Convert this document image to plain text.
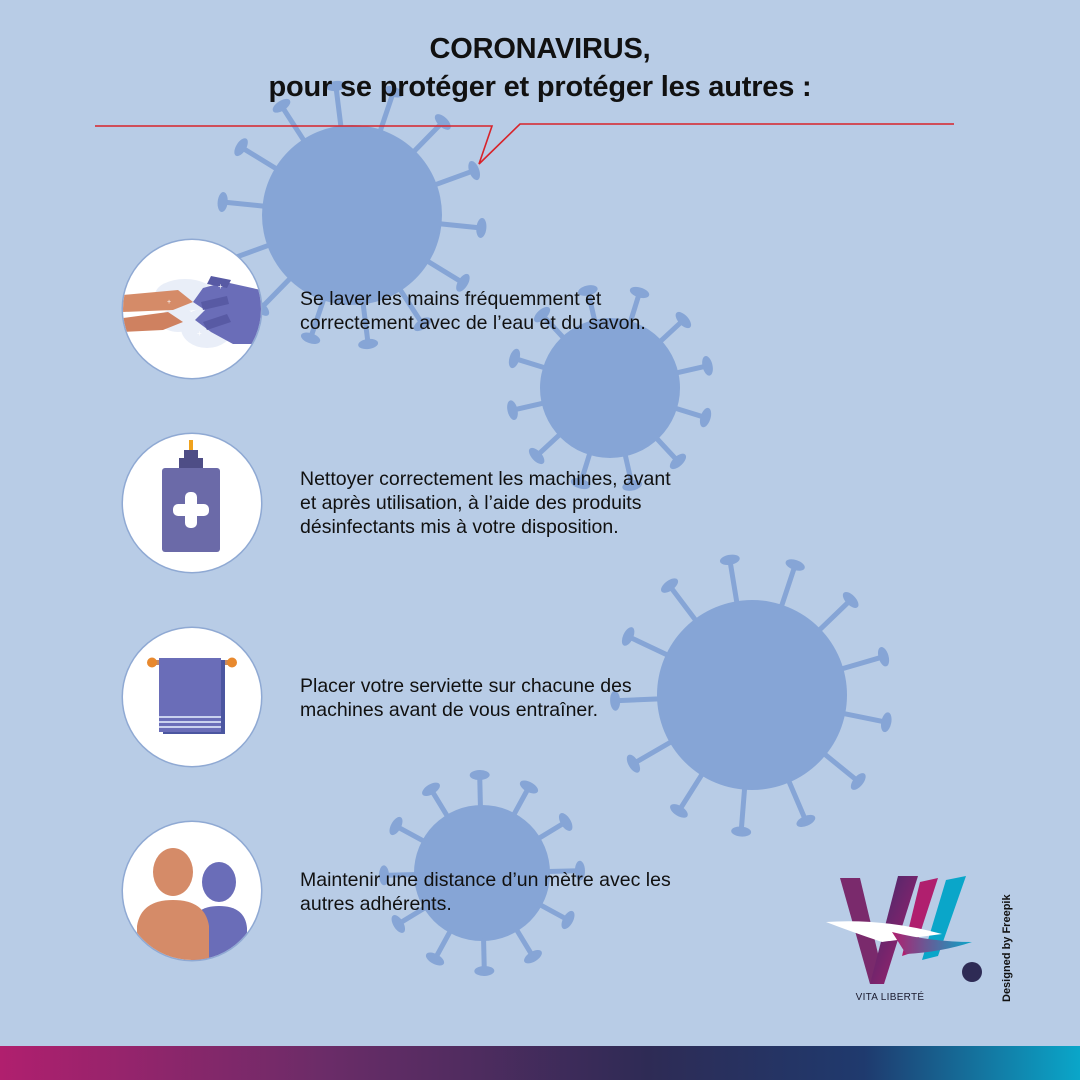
CORONAVIRUS,
pour se protéger et protéger les autres :
+
+
+
Se laver les mains fréquemment et
correctement avec de l’eau et du savon.
Nettoyer correctement les machines, avant
et après utilisation, à l’aide des produits
désinfectants mis à votre disposition.
Placer votre serviette sur chacune des
machines avant de vous entraîner.
Maintenir une distance d’un mètre avec les
autres adhérents.
VITA LIBERTÉ	Designed by Freepik
